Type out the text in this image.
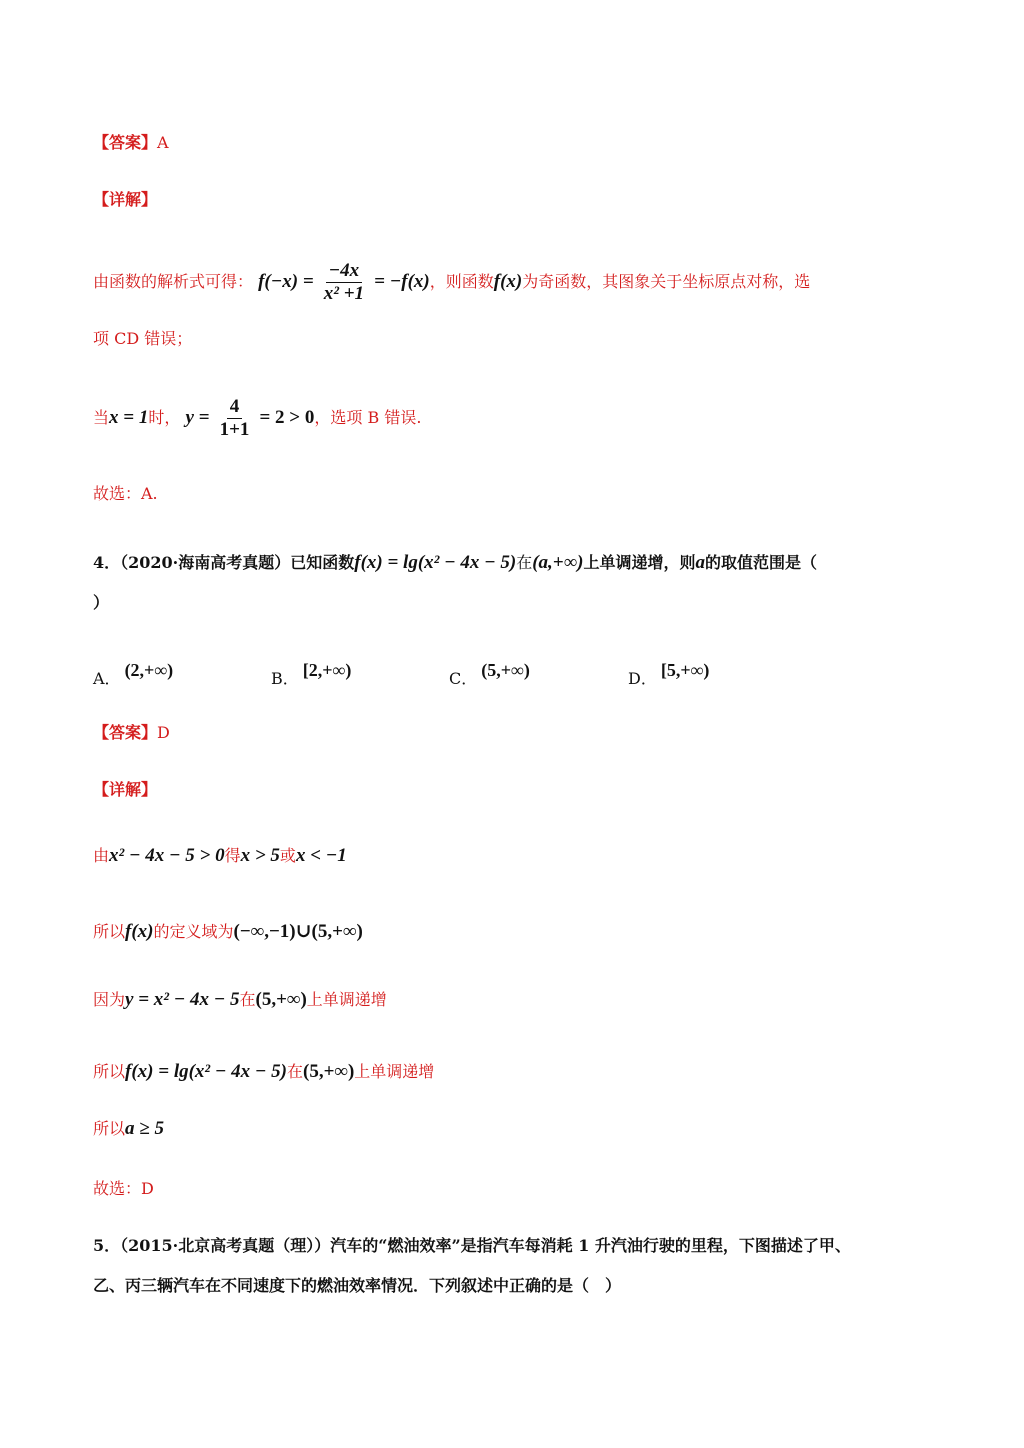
【答案】A
【详解】
由函数的解析式可得： $f(-x) = \frac{-4x}{\text{x² +1}} = -f(x)$，则函数f(x)为奇函数，其图象关于坐标原点对称，选
项 CD 错误；
当x = 1时， $y = \frac{4}{1+1} = 2 > 0$，选项 B 错误.
故选：A.
4．（2020·海南高考真题）已知函数f(x) = lg(x² − 4x − 5)在(a,+∞)上单调递增，则a的取值范围是（
）
A． (2,+∞)	B． [2,+∞)	C． (5,+∞)	D． [5,+∞)
【答案】D
【详解】
由x² − 4x − 5 > 0得x > 5或x < −1
所以f(x)的定义域为(−∞,−1)∪(5,+∞)
因为y = x² − 4x − 5在(5,+∞)上单调递增
所以f(x) = lg(x² − 4x − 5)在(5,+∞)上单调递增
所以a ≥ 5
故选：D
5．（2015·北京高考真题（理））汽车的“燃油效率”是指汽车每消耗 1 升汽油行驶的里程，下图描述了甲、
乙、丙三辆汽车在不同速度下的燃油效率情况．下列叙述中正确的是（　）
